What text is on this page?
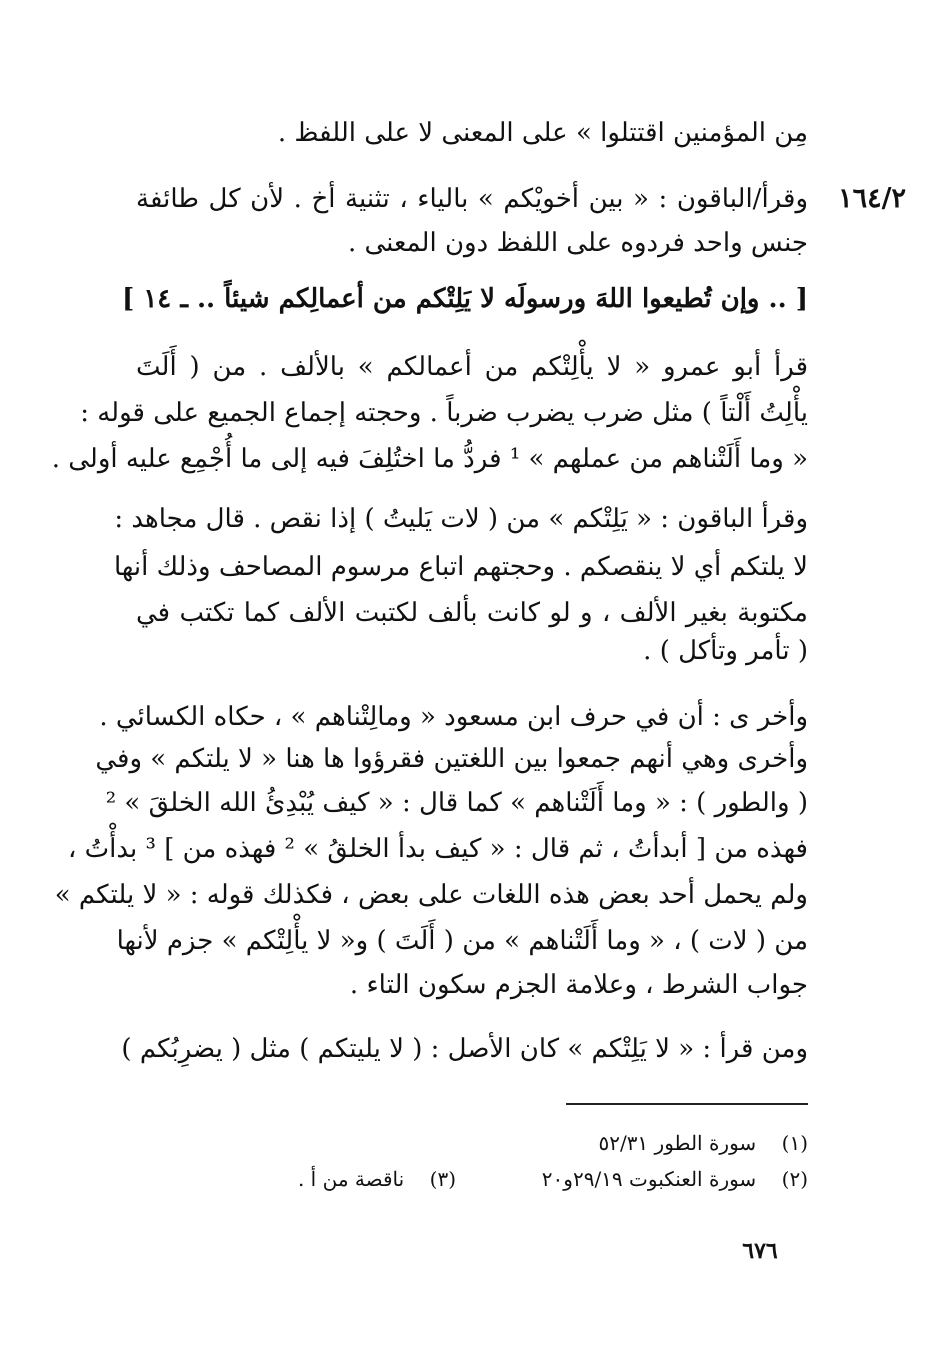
١٦٤/٢
مِن المؤمنين اقتتلوا » على المعنى لا على اللفظ .
وقرأ/الباقون : « بين أخويْكم » بالياء ، تثنية أخ . لأن كل طائفة
جنس واحد فردوه على اللفظ دون المعنى .
[ .. وإن تُطيعوا اللهَ ورسولَه لا يَلِتْكم من أعمالِكم شيئاً .. ـ ١٤ ]
قرأ أبو عمرو « لا يأْلِتْكم من أعمالكم » بالألف . من ( أَلَتَ
يأْلِتُ أَلْتاً ) مثل ضرب يضرب ضرباً . وحجته إجماع الجميع على قوله :
« وما أَلَتْناهم من عملهم » ¹ فردُّ ما اختُلِفَ فيه إلى ما أُجْمِع عليه أولى .
وقرأ الباقون : « يَلِتْكم » من ( لات يَليتُ ) إذا نقص . قال مجاهد :
لا يلتكم أي لا ينقصكم . وحجتهم اتباع مرسوم المصاحف وذلك أنها
مكتوبة بغير الألف ، و لو كانت بألف لكتبت الألف كما تكتب في
( تأمر وتأكل ) .
وأخر ى : أن في حرف ابن مسعود « ومالِتْناهم » ، حكاه الكسائي .
وأخرى وهي أنهم جمعوا بين اللغتين فقرؤوا ها هنا « لا يلتكم » وفي
( والطور ) : « وما أَلَتْناهم » كما قال : « كيف يُبْدِئُ الله الخلقَ » ²
فهذه من [ أبدأتُ ، ثم قال : « كيف بدأ الخلقُ » ² فهذه من ] ³ بدأْتُ ،
ولم يحمل أحد بعض هذه اللغات على بعض ، فكذلك قوله : « لا يلتكم »
من ( لات ) ، « وما أَلَتْناهم » من ( أَلَتَ ) و« لا يأْلِتْكم » جزم لأنها
جواب الشرط ، وعلامة الجزم سكون التاء .
ومن قرأ : « لا يَلِتْكم » كان الأصل : ( لا يليتكم ) مثل ( يضرِبُكم )
(١)    سورة الطور ٥٢/٣١
(٢)    سورة العنكبوت ٢٩/١٩و٢٠
(٣)    ناقصة من أ .
٦٧٦
